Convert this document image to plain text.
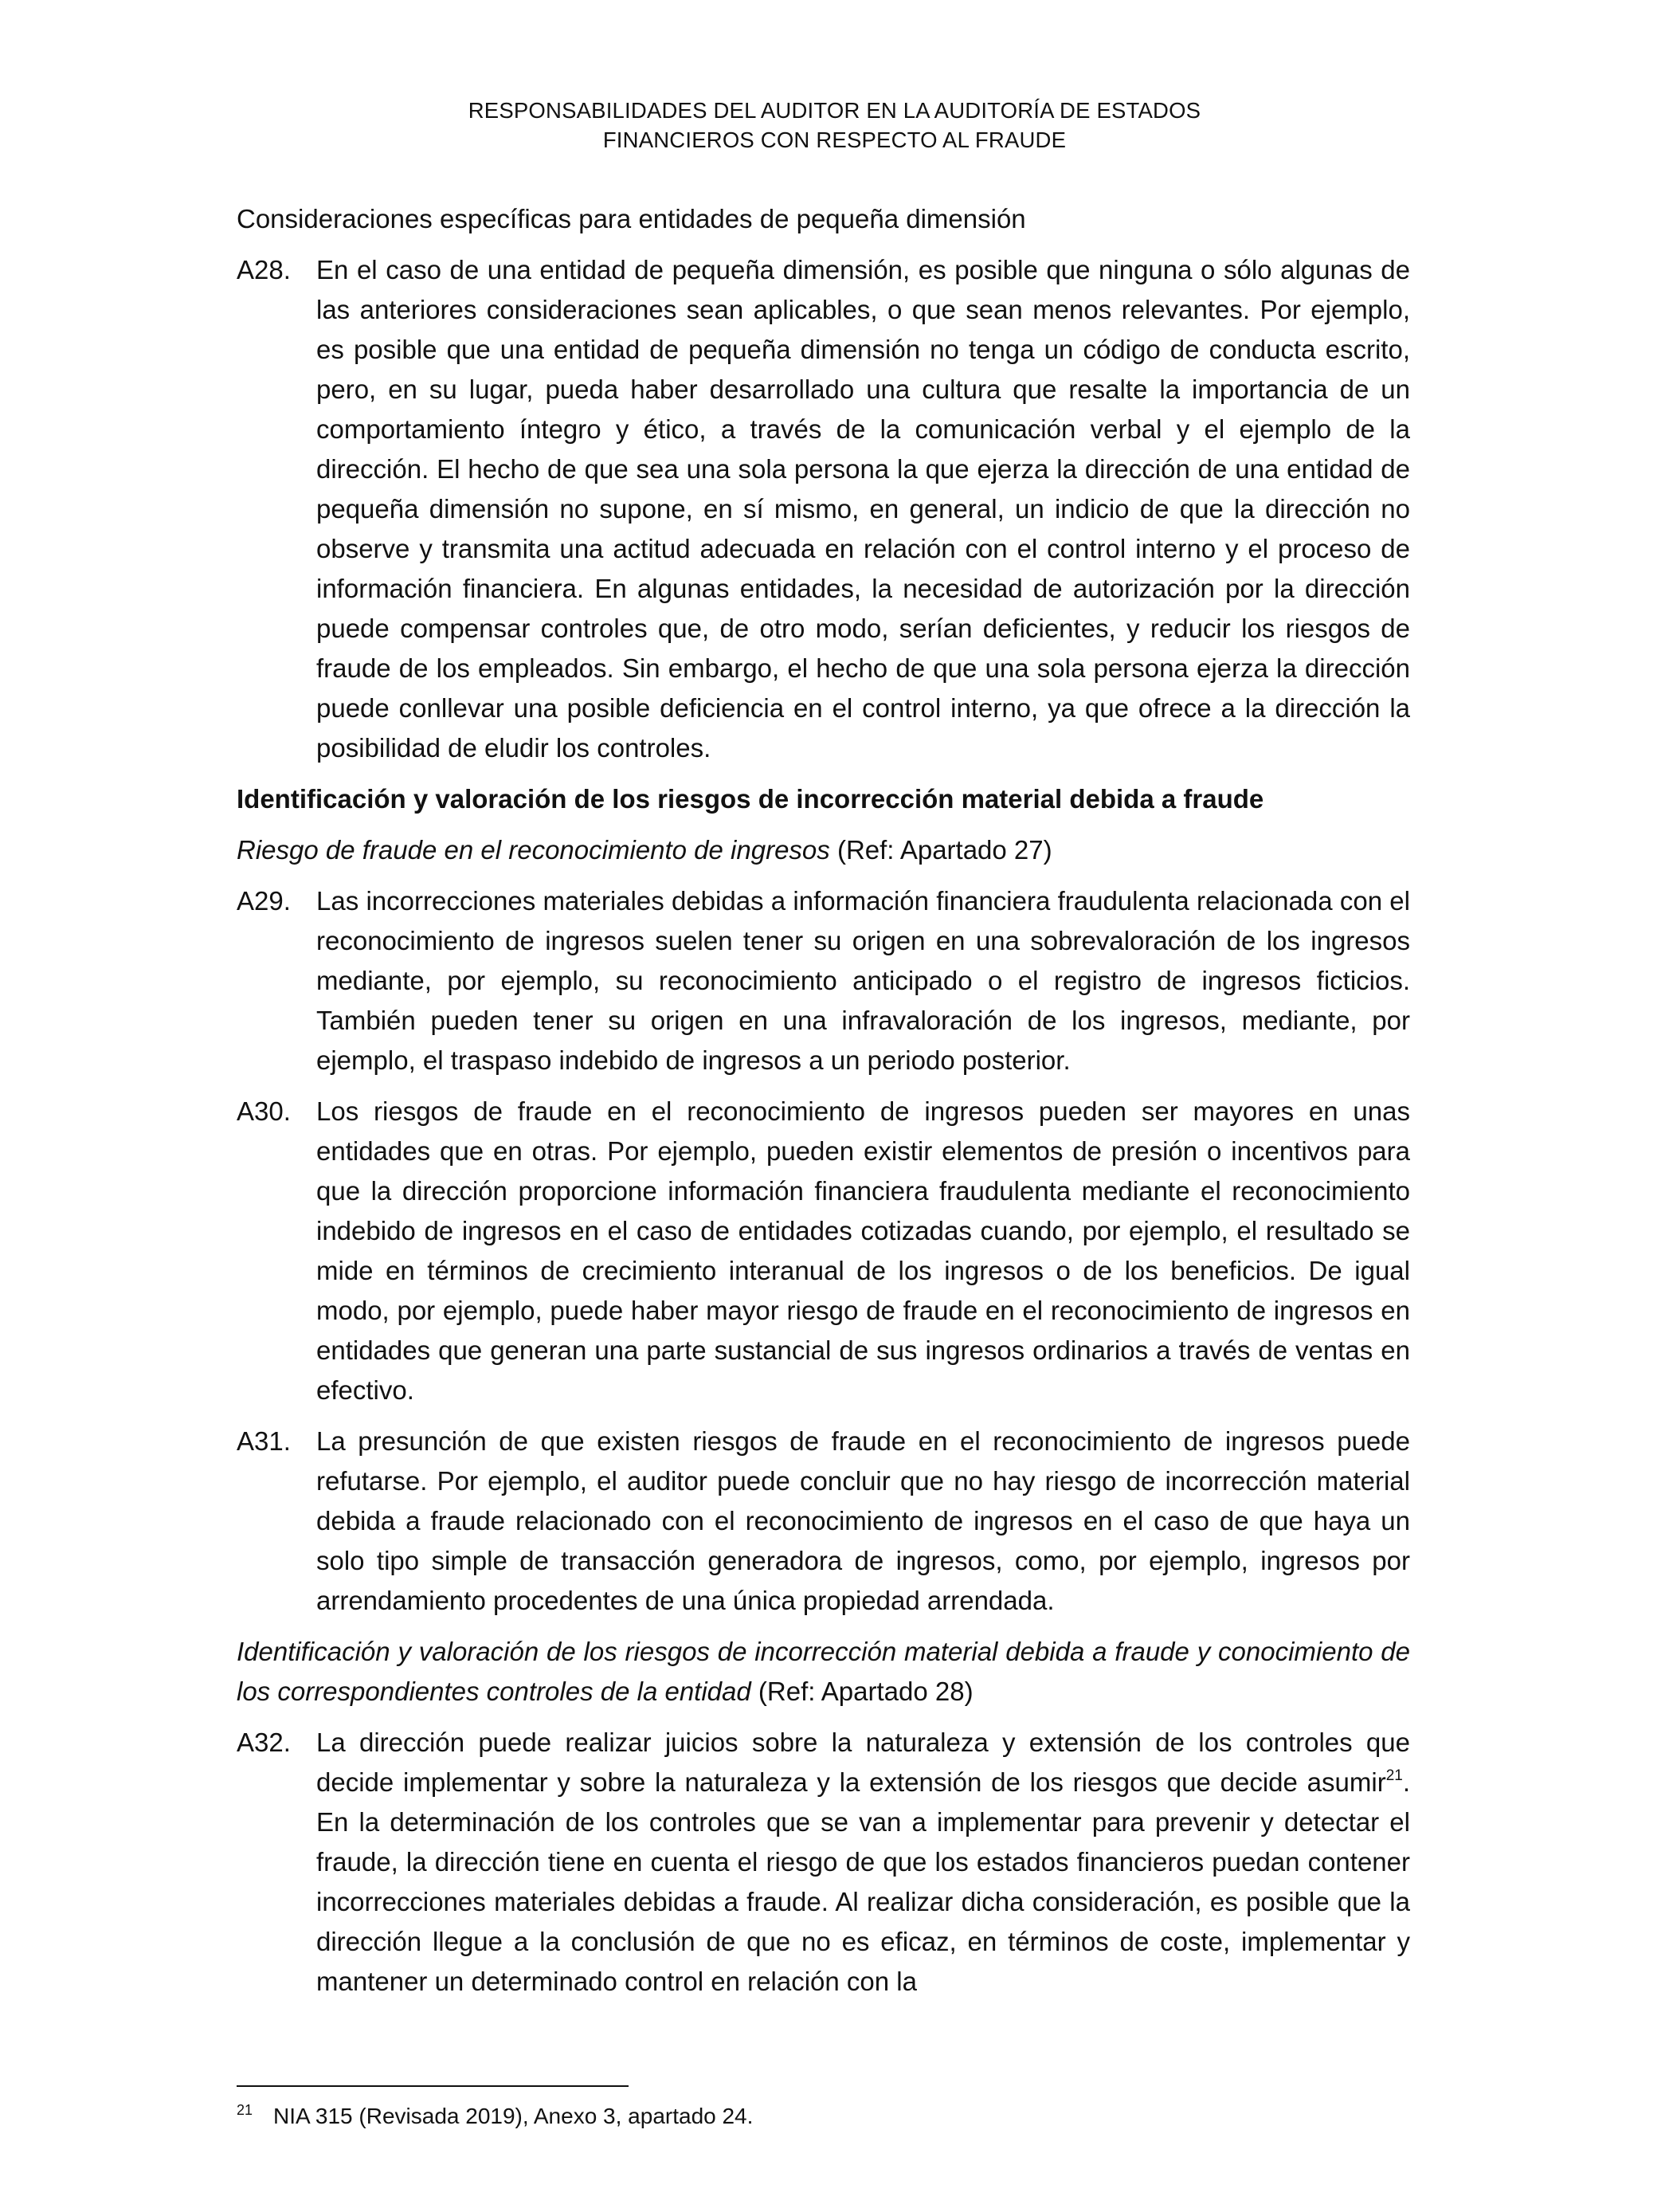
RESPONSABILIDADES DEL AUDITOR EN LA AUDITORÍA DE ESTADOS
FINANCIEROS CON RESPECTO AL FRAUDE

Consideraciones específicas para entidades de pequeña dimensión

A28. En el caso de una entidad de pequeña dimensión, es posible que ninguna o sólo algunas de las anteriores consideraciones sean aplicables, o que sean menos relevantes. Por ejemplo, es posible que una entidad de pequeña dimensión no tenga un código de conducta escrito, pero, en su lugar, pueda haber desarrollado una cultura que resalte la importancia de un comportamiento íntegro y ético, a través de la comunicación verbal y el ejemplo de la dirección. El hecho de que sea una sola persona la que ejerza la dirección de una entidad de pequeña dimensión no supone, en sí mismo, en general, un indicio de que la dirección no observe y transmita una actitud adecuada en relación con el control interno y el proceso de información financiera. En algunas entidades, la necesidad de autorización por la dirección puede compensar controles que, de otro modo, serían deficientes, y reducir los riesgos de fraude de los empleados. Sin embargo, el hecho de que una sola persona ejerza la dirección puede conllevar una posible deficiencia en el control interno, ya que ofrece a la dirección la posibilidad de eludir los controles.

Identificación y valoración de los riesgos de incorrección material debida a fraude

Riesgo de fraude en el reconocimiento de ingresos (Ref: Apartado 27)

A29. Las incorrecciones materiales debidas a información financiera fraudulenta relacionada con el reconocimiento de ingresos suelen tener su origen en una sobrevaloración de los ingresos mediante, por ejemplo, su reconocimiento anticipado o el registro de ingresos ficticios. También pueden tener su origen en una infravaloración de los ingresos, mediante, por ejemplo, el traspaso indebido de ingresos a un periodo posterior.
A30. Los riesgos de fraude en el reconocimiento de ingresos pueden ser mayores en unas entidades que en otras. Por ejemplo, pueden existir elementos de presión o incentivos para que la dirección proporcione información financiera fraudulenta mediante el reconocimiento indebido de ingresos en el caso de entidades cotizadas cuando, por ejemplo, el resultado se mide en términos de crecimiento interanual de los ingresos o de los beneficios. De igual modo, por ejemplo, puede haber mayor riesgo de fraude en el reconocimiento de ingresos en entidades que generan una parte sustancial de sus ingresos ordinarios a través de ventas en efectivo.
A31. La presunción de que existen riesgos de fraude en el reconocimiento de ingresos puede refutarse. Por ejemplo, el auditor puede concluir que no hay riesgo de incorrección material debida a fraude relacionado con el reconocimiento de ingresos en el caso de que haya un solo tipo simple de transacción generadora de ingresos, como, por ejemplo, ingresos por arrendamiento procedentes de una única propiedad arrendada.

Identificación y valoración de los riesgos de incorrección material debida a fraude y conocimiento de los correspondientes controles de la entidad (Ref: Apartado 28)

A32. La dirección puede realizar juicios sobre la naturaleza y extensión de los controles que decide implementar y sobre la naturaleza y la extensión de los riesgos que decide asumir$^{21}$. En la determinación de los controles que se van a implementar para prevenir y detectar el fraude, la dirección tiene en cuenta el riesgo de que los estados financieros puedan contener incorrecciones materiales debidas a fraude. Al realizar dicha consideración, es posible que la dirección llegue a la conclusión de que no es eficaz, en términos de coste, implementar y mantener un determinado control en relación con la
21 NIA 315 (Revisada 2019), Anexo 3, apartado 24.
